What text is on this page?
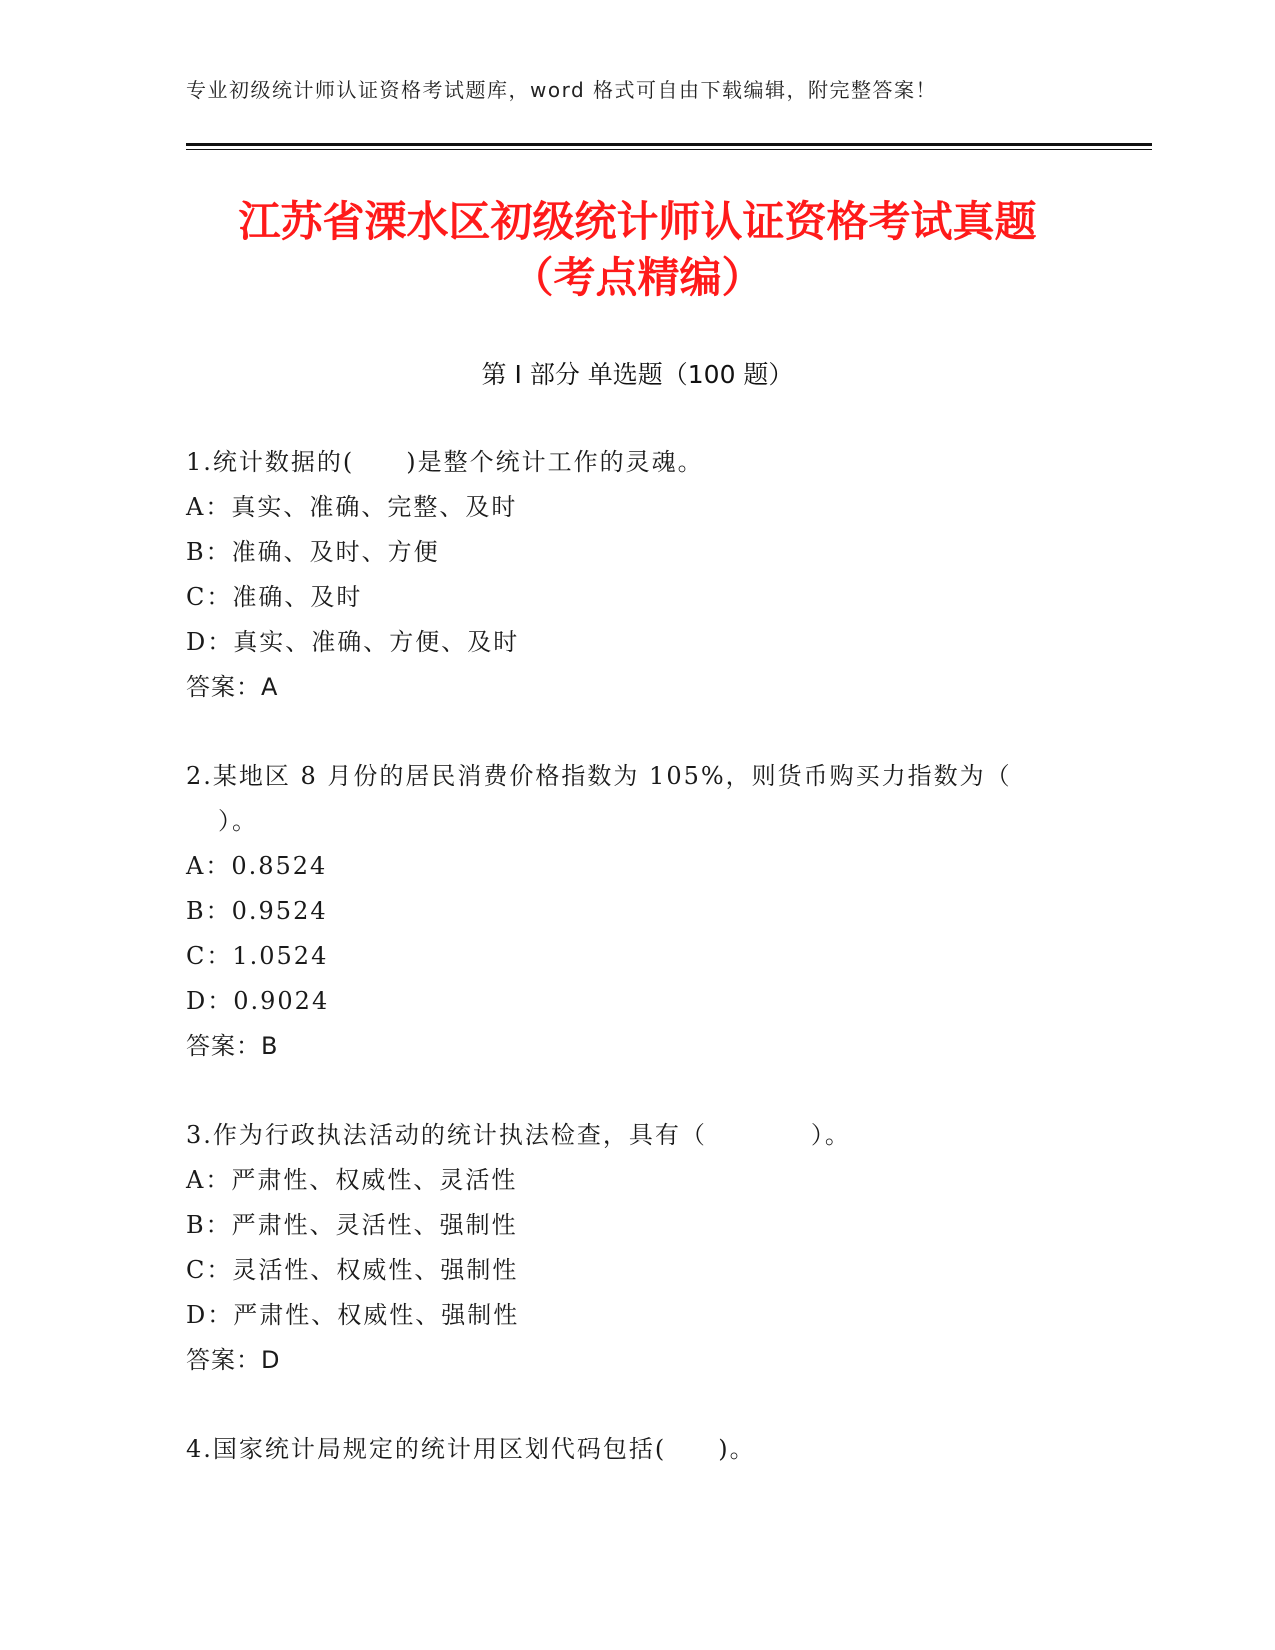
专业初级统计师认证资格考试题库，word 格式可自由下载编辑，附完整答案！
江苏省溧水区初级统计师认证资格考试真题
（考点精编）
第 I 部分 单选题（100 题）
1.统计数据的(　　)是整个统计工作的灵魂。
A：真实、准确、完整、及时
B：准确、及时、方便
C：准确、及时
D：真实、准确、方便、及时
答案：A
2.某地区 8 月份的居民消费价格指数为 105%，则货币购买力指数为（
）。
A：0.8524
B：0.9524
C：1.0524
D：0.9024
答案：B
3.作为行政执法活动的统计执法检查，具有（　　　　）。
A：严肃性、权威性、灵活性
B：严肃性、灵活性、强制性
C：灵活性、权威性、强制性
D：严肃性、权威性、强制性
答案：D
4.国家统计局规定的统计用区划代码包括(　　)。
